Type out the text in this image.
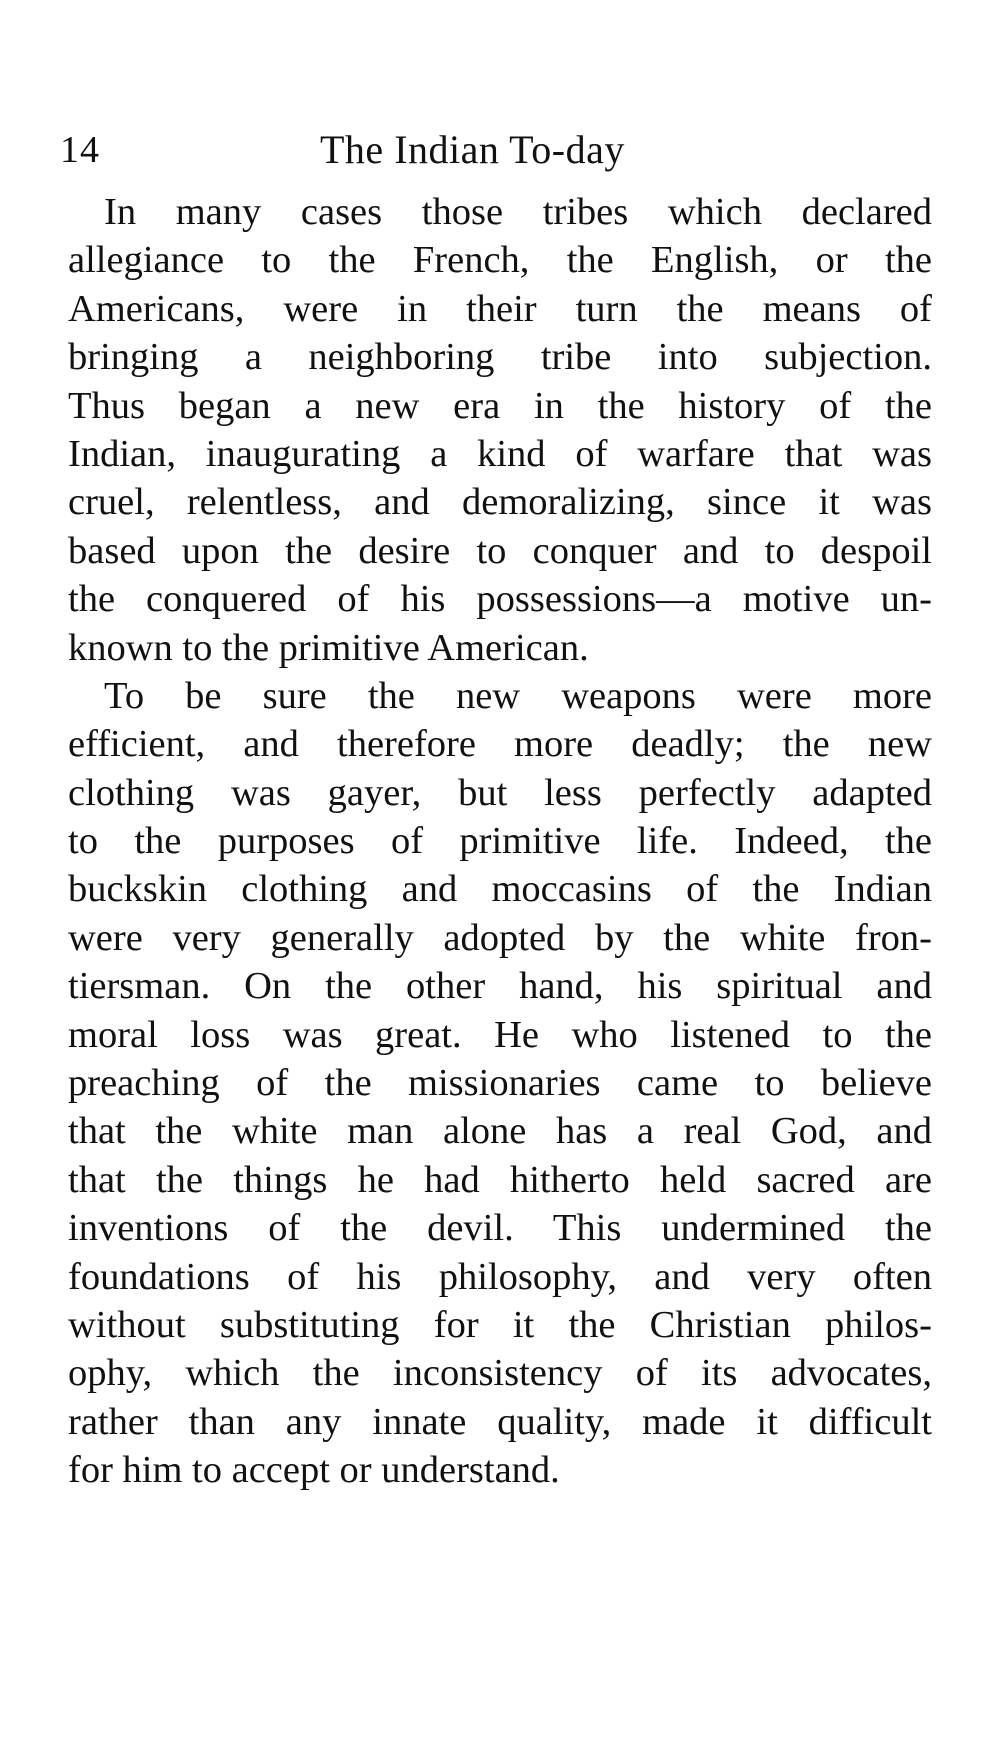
14	The Indian To-day
In many cases those tribes which declared
allegiance to the French, the English, or the
Americans, were in their turn the means of
bringing a neighboring tribe into subjection.
Thus began a new era in the history of the
Indian, inaugurating a kind of warfare that was
cruel, relentless, and demoralizing, since it was
based upon the desire to conquer and to despoil
the conquered of his possessions—a motive un-
known to the primitive American.
To be sure the new weapons were more
efficient, and therefore more deadly; the new
clothing was gayer, but less perfectly adapted
to the purposes of primitive life. Indeed, the
buckskin clothing and moccasins of the Indian
were very generally adopted by the white fron-
tiersman. On the other hand, his spiritual and
moral loss was great. He who listened to the
preaching of the missionaries came to believe
that the white man alone has a real God, and
that the things he had hitherto held sacred are
inventions of the devil. This undermined the
foundations of his philosophy, and very often
without substituting for it the Christian philos-
ophy, which the inconsistency of its advocates,
rather than any innate quality, made it difficult
for him to accept or understand.
